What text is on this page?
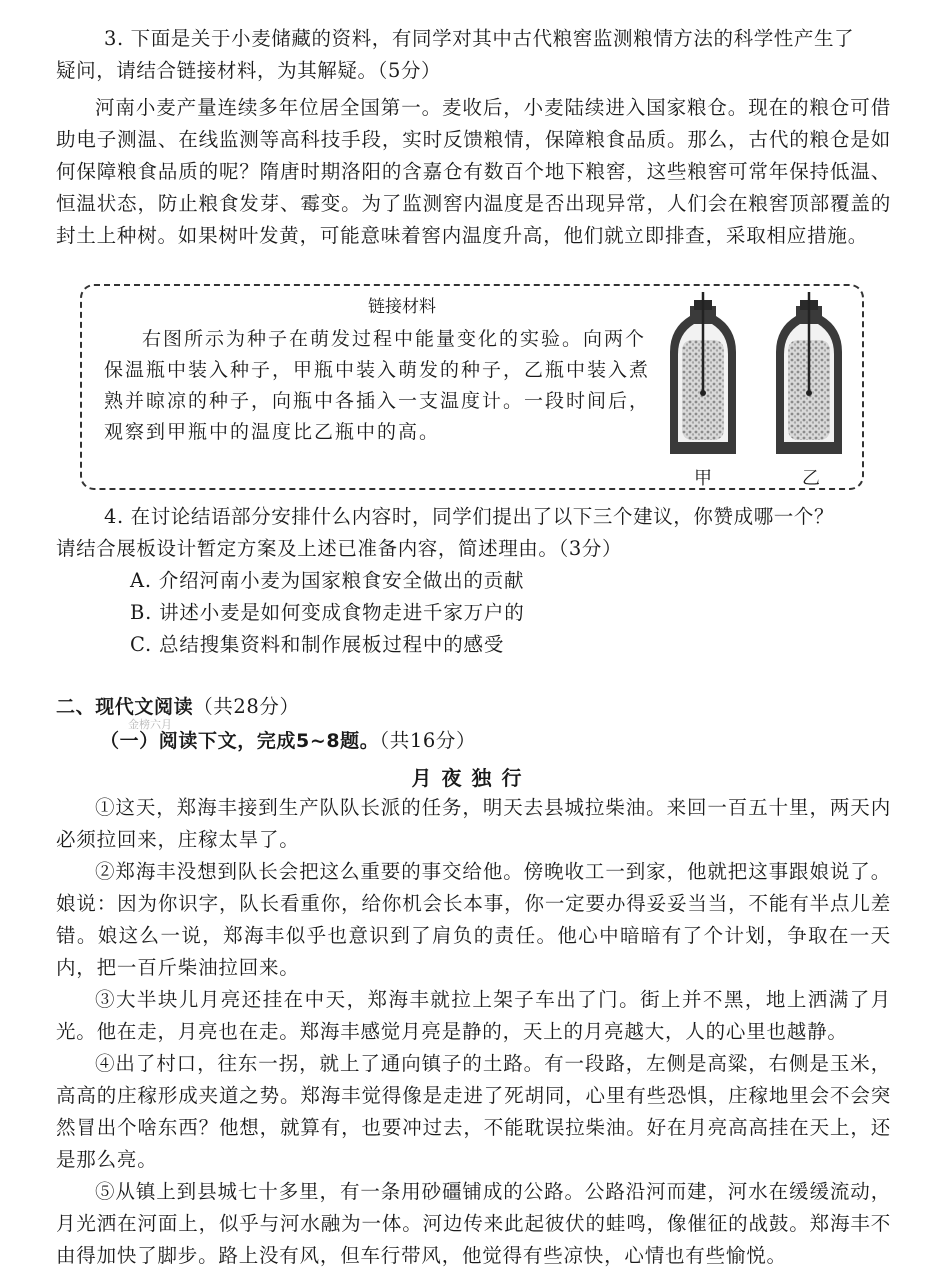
3. 下面是关于小麦储藏的资料，有同学对其中古代粮窖监测粮情方法的科学性产生了
疑问，请结合链接材料，为其解疑。（5分）
河南小麦产量连续多年位居全国第一。麦收后，小麦陆续进入国家粮仓。现在的粮仓可借助电子测温、在线监测等高科技手段，实时反馈粮情，保障粮食品质。那么，古代的粮仓是如何保障粮食品质的呢？隋唐时期洛阳的含嘉仓有数百个地下粮窖，这些粮窖可常年保持低温、恒温状态，防止粮食发芽、霉变。为了监测窖内温度是否出现异常，人们会在粮窖顶部覆盖的封土上种树。如果树叶发黄，可能意味着窖内温度升高，他们就立即排查，采取相应措施。
链接材料
右图所示为种子在萌发过程中能量变化的实验。向两个保温瓶中装入种子，甲瓶中装入萌发的种子，乙瓶中装入煮熟并晾凉的种子，向瓶中各插入一支温度计。一段时间后，观察到甲瓶中的温度比乙瓶中的高。
甲	乙
4. 在讨论结语部分安排什么内容时，同学们提出了以下三个建议，你赞成哪一个？
请结合展板设计暂定方案及上述已准备内容，简述理由。（3分）
A. 介绍河南小麦为国家粮食安全做出的贡献
B. 讲述小麦是如何变成食物走进千家万户的
C. 总结搜集资料和制作展板过程中的感受
二、现代文阅读（共28分）
金榜六月
（一）阅读下文，完成5~8题。（共16分）
月夜独行
①这天，郑海丰接到生产队队长派的任务，明天去县城拉柴油。来回一百五十里，两天内必须拉回来，庄稼太旱了。
②郑海丰没想到队长会把这么重要的事交给他。傍晚收工一到家，他就把这事跟娘说了。娘说：因为你识字，队长看重你，给你机会长本事，你一定要办得妥妥当当，不能有半点儿差错。娘这么一说，郑海丰似乎也意识到了肩负的责任。他心中暗暗有了个计划，争取在一天内，把一百斤柴油拉回来。
③大半块儿月亮还挂在中天，郑海丰就拉上架子车出了门。街上并不黑，地上洒满了月光。他在走，月亮也在走。郑海丰感觉月亮是静的，天上的月亮越大，人的心里也越静。
④出了村口，往东一拐，就上了通向镇子的土路。有一段路，左侧是高粱，右侧是玉米，高高的庄稼形成夹道之势。郑海丰觉得像是走进了死胡同，心里有些恐惧，庄稼地里会不会突然冒出个啥东西？他想，就算有，也要冲过去，不能耽误拉柴油。好在月亮高高挂在天上，还是那么亮。
⑤从镇上到县城七十多里，有一条用砂礓铺成的公路。公路沿河而建，河水在缓缓流动，月光洒在河面上，似乎与河水融为一体。河边传来此起彼伏的蛙鸣，像催征的战鼓。郑海丰不由得加快了脚步。路上没有风，但车行带风，他觉得有些凉快，心情也有些愉悦。
